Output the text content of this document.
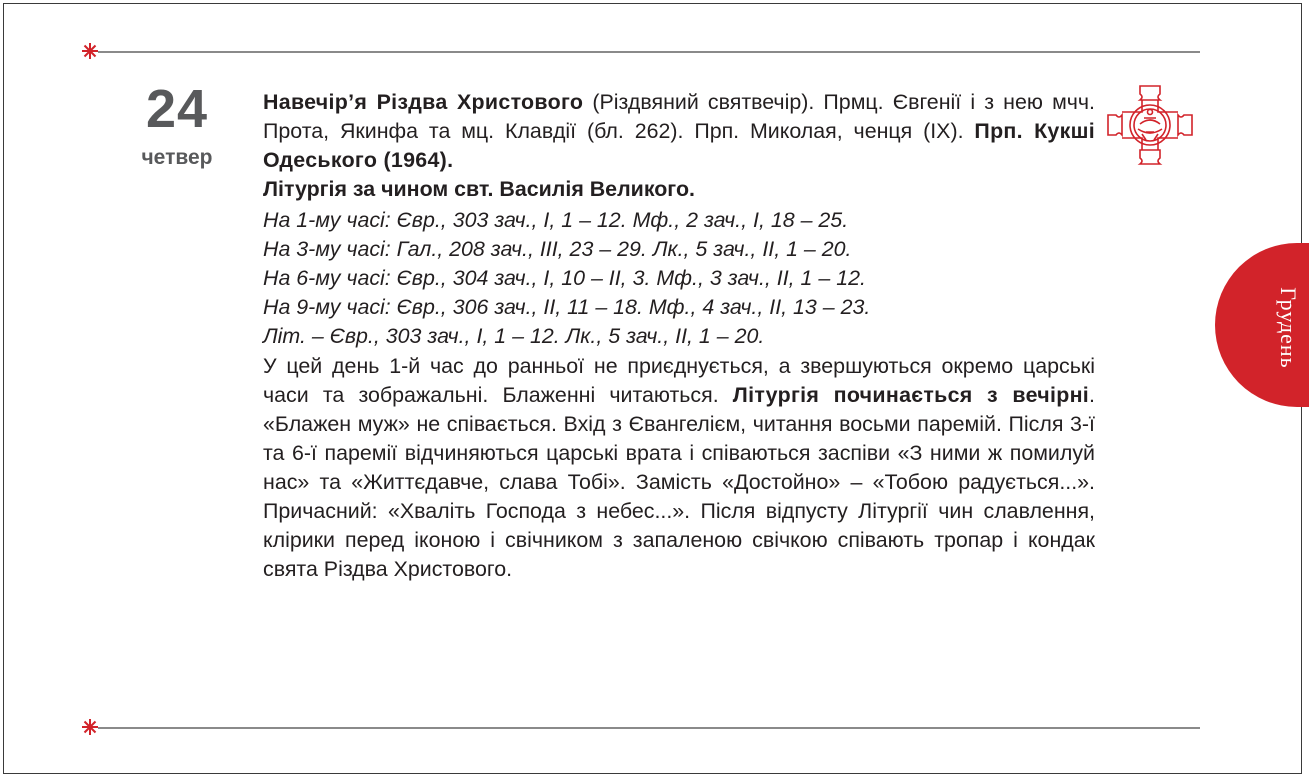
24
четвер

Навечір’я Різдва Христового (Різдвяний святвечір). Прмц. Євгенії і з нею мчч. Прота, Якинфа та мц. Клавдії (бл. 262). Прп. Миколая, ченця (IX). Прп. Кукші Одеського (1964).

Літургія за чином свт. Василія Великого.

На 1-му часі: Євр., 303 зач., І, 1 – 12. Мф., 2 зач., І, 18 – 25.
На 3-му часі: Гал., 208 зач., ІІІ, 23 – 29. Лк., 5 зач., ІІ, 1 – 20.
На 6-му часі: Євр., 304 зач., І, 10 – ІІ, 3. Мф., 3 зач., ІІ, 1 – 12.
На 9-му часі: Євр., 306 зач., ІІ, 11 – 18. Мф., 4 зач., ІІ, 13 – 23.
Літ. – Євр., 303 зач., І, 1 – 12. Лк., 5 зач., ІІ, 1 – 20.

У цей день 1-й час до ранньої не приєднується, а звершуються окремо царські часи та зображальні. Блаженні читаються. Літургія починається з вечірні. «Блажен муж» не співається. Вхід з Євангелієм, читання восьми паремій. Після 3-ї та 6-ї паремії відчиняються царські врата і співаються заспіви «З ними ж помилуй нас» та «Життєдавче, слава Тобі». Замість «Достойно» – «Тобою радується...». Причасний: «Хваліть Господа з небес...». Після відпусту Літургії чин славлення, клірики перед іконою і свічником з запаленою свічкою співають тропар і кондак свята Різдва Христового.

Грудень
